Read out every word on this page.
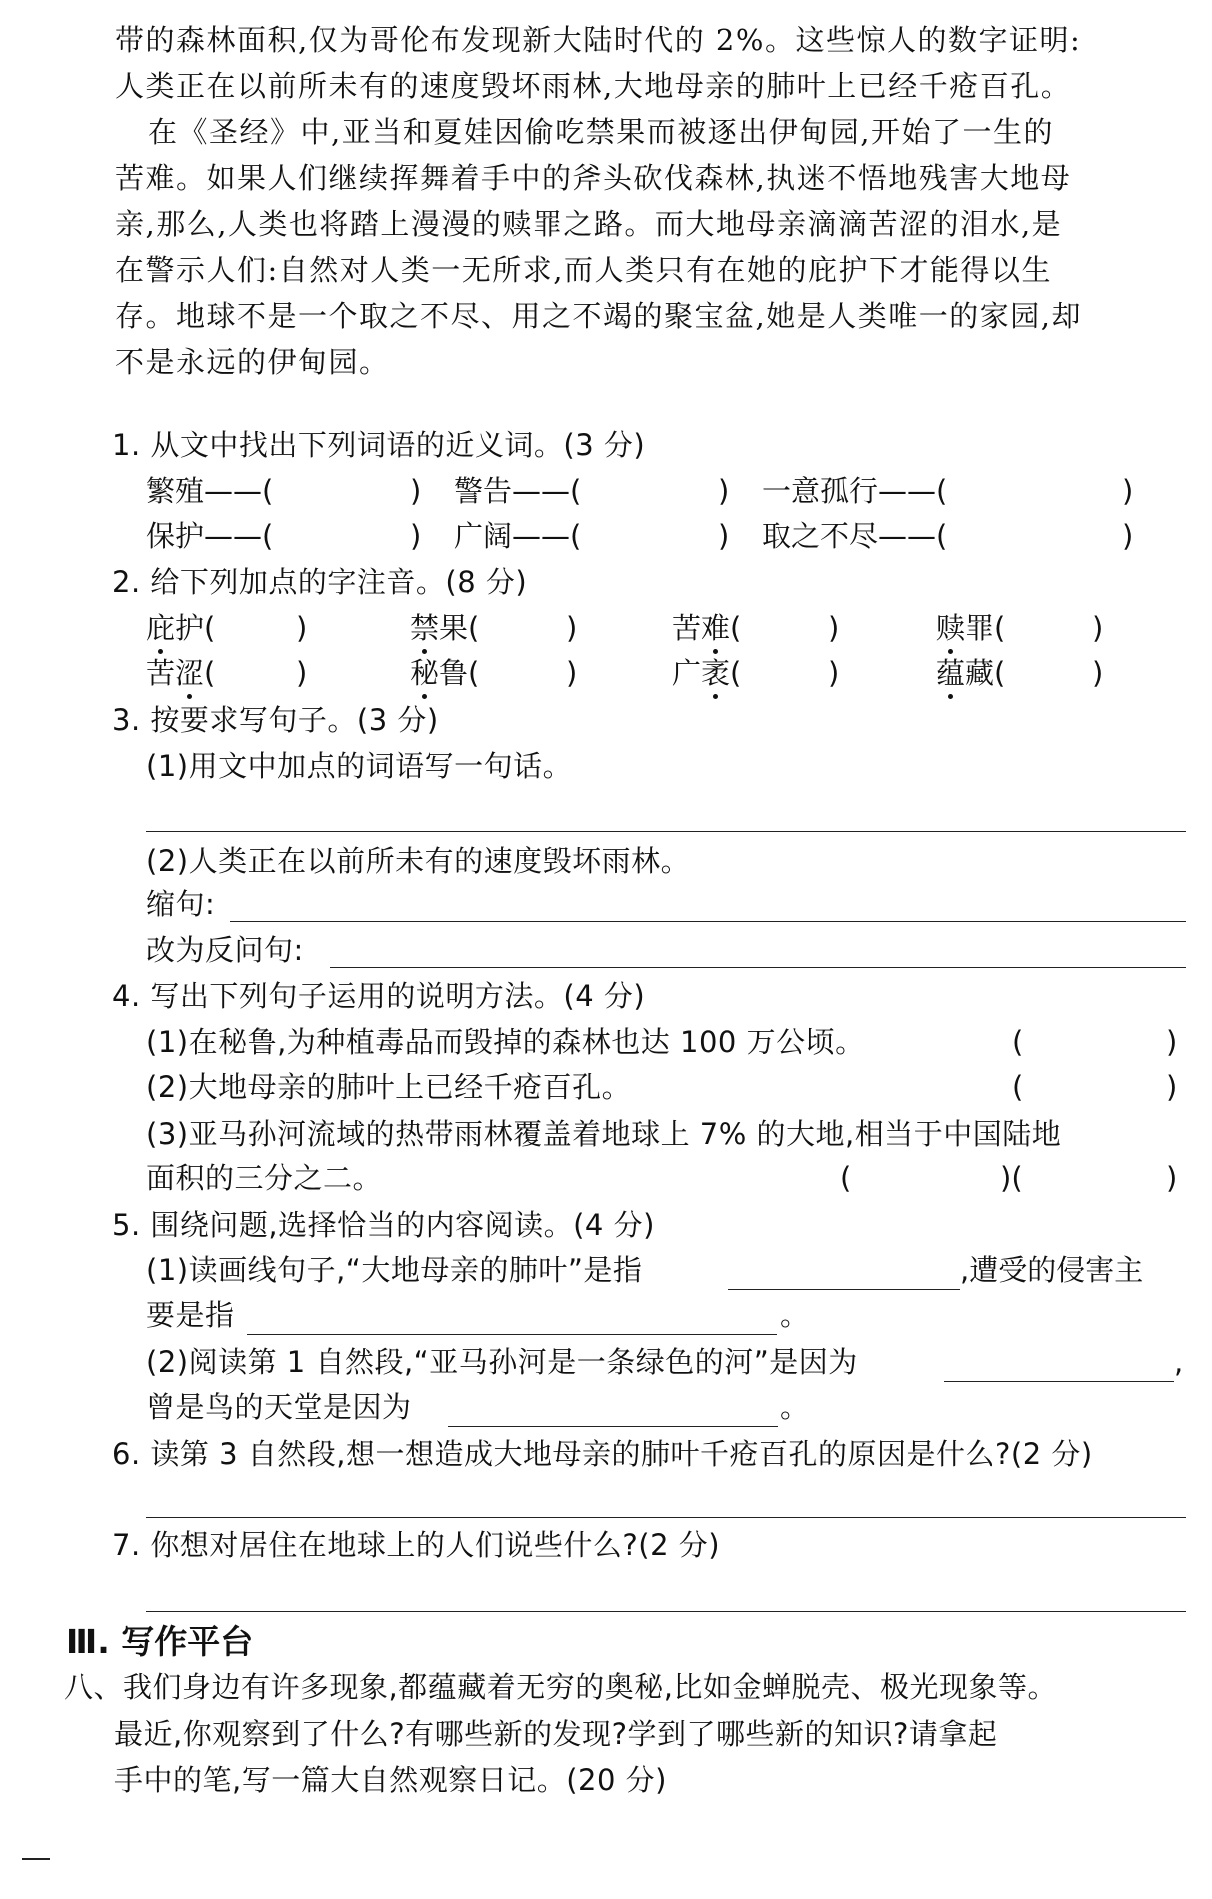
带的森林面积,仅为哥伦布发现新大陆时代的 2%。这些惊人的数字证明:
人类正在以前所未有的速度毁坏雨林,大地母亲的肺叶上已经千疮百孔。
在《圣经》中,亚当和夏娃因偷吃禁果而被逐出伊甸园,开始了一生的
苦难。如果人们继续挥舞着手中的斧头砍伐森林,执迷不悟地残害大地母
亲,那么,人类也将踏上漫漫的赎罪之路。而大地母亲滴滴苦涩的泪水,是
在警示人们:自然对人类一无所求,而人类只有在她的庇护下才能得以生
存。地球不是一个取之不尽、用之不竭的聚宝盆,她是人类唯一的家园,却
不是永远的伊甸园。
1. 从文中找出下列词语的近义词。(3 分)
繁殖——(	) 警告——(	) 一意孤行——(	)
保护——(	) 广阔——(	) 取之不尽——(	)
2. 给下列加点的字注音。(8 分)
庇护(	)	禁果(	)	苦难(	)	赎罪(	)
苦涩(	)	秘鲁(	)	广袤(	)	蕴藏(	)
3. 按要求写句子。(3 分)
(1)用文中加点的词语写一句话。
(2)人类正在以前所未有的速度毁坏雨林。
缩句:
改为反问句:
4. 写出下列句子运用的说明方法。(4 分)
(1)在秘鲁,为种植毒品而毁掉的森林也达 100 万公顷。	(	)
(2)大地母亲的肺叶上已经千疮百孔。	(	)
(3)亚马孙河流域的热带雨林覆盖着地球上 7% 的大地,相当于中国陆地
面积的三分之二。	(	)(	)
5. 围绕问题,选择恰当的内容阅读。(4 分)
(1)读画线句子,“大地母亲的肺叶”是指	,遭受的侵害主
要是指	。
(2)阅读第 1 自然段,“亚马孙河是一条绿色的河”是因为	,
曾是鸟的天堂是因为	。
6. 读第 3 自然段,想一想造成大地母亲的肺叶千疮百孔的原因是什么?(2 分)
7. 你想对居住在地球上的人们说些什么?(2 分)
Ⅲ. 写作平台
八、我们身边有许多现象,都蕴藏着无穷的奥秘,比如金蝉脱壳、极光现象等。
最近,你观察到了什么?有哪些新的发现?学到了哪些新的知识?请拿起
手中的笔,写一篇大自然观察日记。(20 分)
